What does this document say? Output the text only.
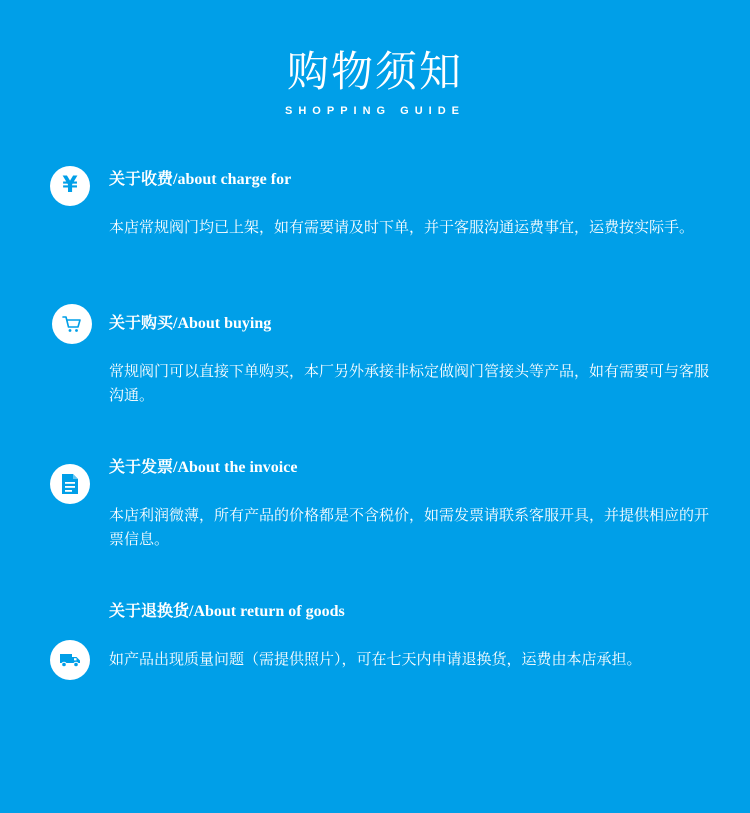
购物须知
SHOPPING GUIDE
¥ 关于收费/about charge for
本店常规阀门均已上架，如有需要请及时下单，并于客服沟通运费事宜，运费按实际手。
关于购买/About buying
常规阀门可以直接下单购买，本厂另外承接非标定做阀门管接头等产品，如有需要可与客服沟通。
关于发票/About the invoice
本店利润微薄，所有产品的价格都是不含税价，如需发票请联系客服开具，并提供相应的开票信息。
关于退换货/About return of goods
如产品出现质量问题（需提供照片），可在七天内申请退换货，运费由本店承担。
